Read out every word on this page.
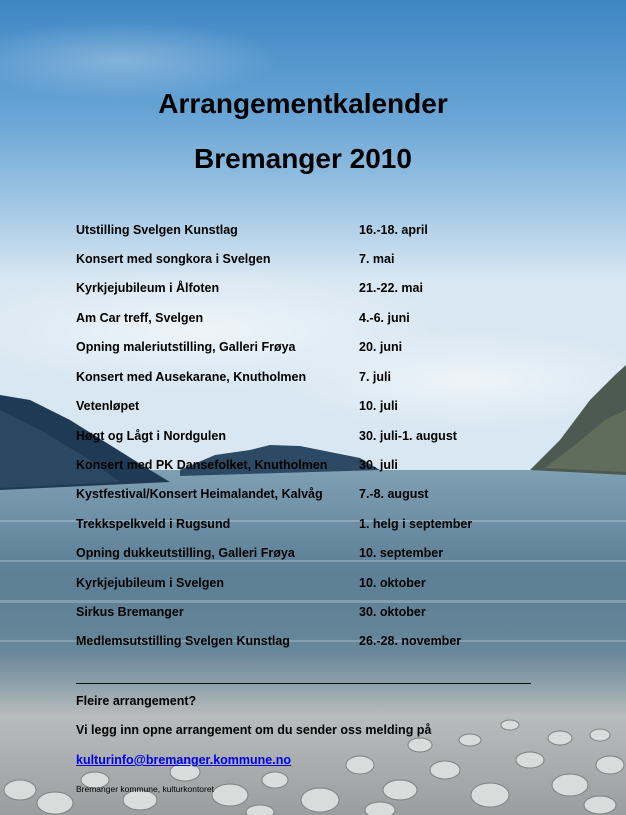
Arrangementkalender
Bremanger 2010
Utstilling Svelgen Kunstlag	16.-18. april
Konsert med songkora i Svelgen	7. mai
Kyrkjejubileum i Ålfoten	21.-22. mai
Am Car treff, Svelgen	4.-6. juni
Opning maleriutstilling, Galleri Frøya	20. juni
Konsert med Ausekarane, Knutholmen	7. juli
Vetenløpet	10. juli
Høgt og Lågt i Nordgulen	30. juli-1. august
Konsert med PK Dansefolket, Knutholmen	30. juli
Kystfestival/Konsert Heimalandet, Kalvåg	7.-8. august
Trekkspelkveld i Rugsund	1. helg i september
Opning dukkeutstilling, Galleri Frøya	10. september
Kyrkjejubileum i Svelgen	10. oktober
Sirkus Bremanger	30. oktober
Medlemsutstilling Svelgen Kunstlag	26.-28. november
Fleire arrangement?
Vi legg inn opne arrangement om du sender oss melding på
kulturinfo@bremanger.kommune.no
Bremanger kommune, kulturkontoret
